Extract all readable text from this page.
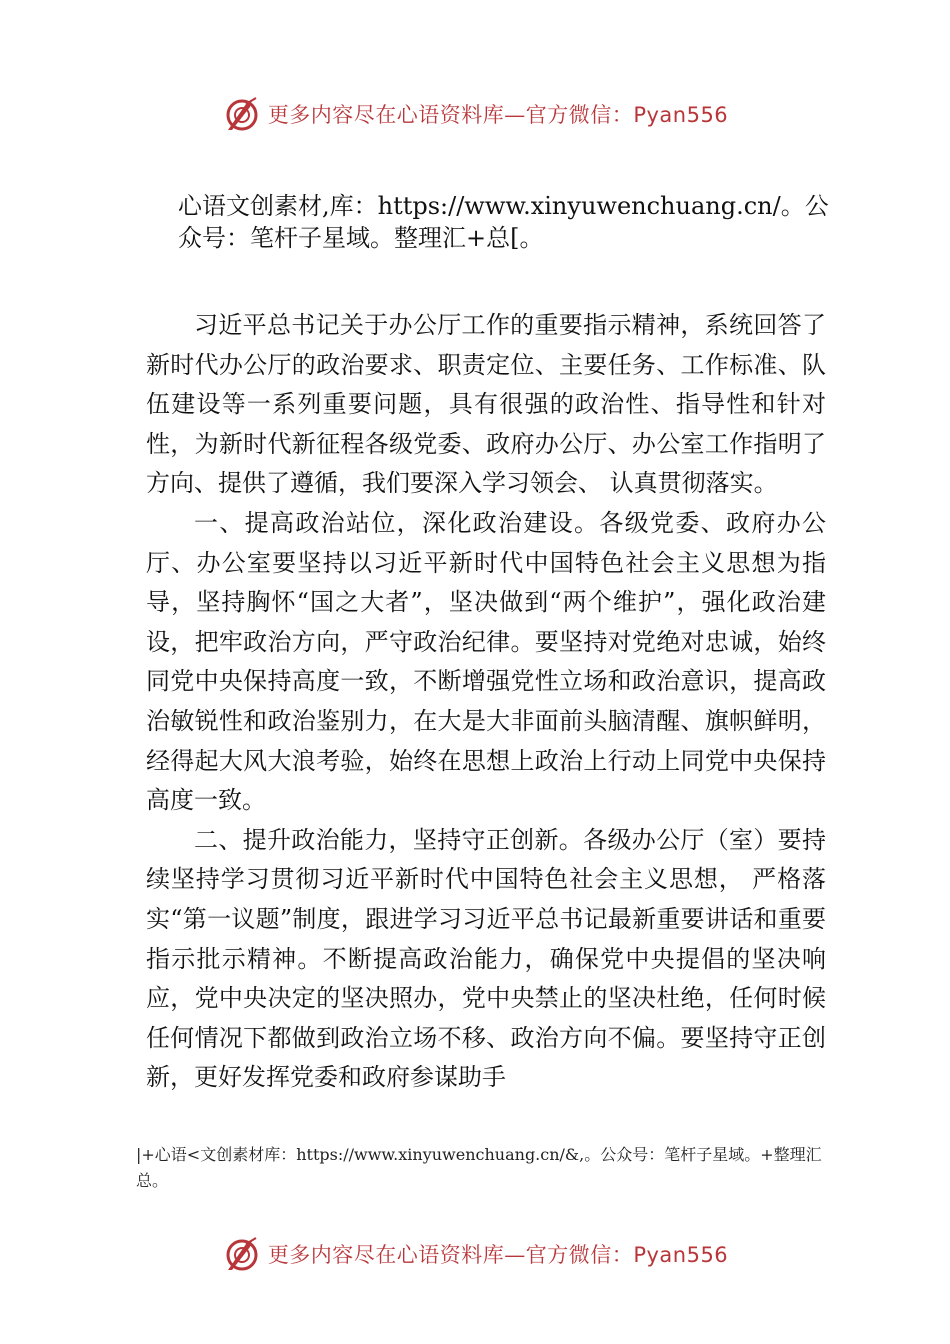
更多内容尽在心语资料库—官方微信：Pyan556
心语文创素材,库：https://www.xinyuwenchuang.cn/。公众号：笔杆子星域。整理汇+总[。

习近平总书记关于办公厅工作的重要指示精神，系统回答了新时代办公厅的政治要求、职责定位、主要任务、工作标准、队伍建设等一系列重要问题，具有很强的政治性、指导性和针对性，为新时代新征程各级党委、政府办公厅、办公室工作指明了方向、提供了遵循，我们要深入学习领会、 认真贯彻落实。

一、提高政治站位，深化政治建设。各级党委、政府办公厅、办公室要坚持以习近平新时代中国特色社会主义思想为指导，坚持胸怀“国之大者”，坚决做到“两个维护”，强化政治建设，把牢政治方向，严守政治纪律。要坚持对党绝对忠诚，始终同党中央保持高度一致，不断增强党性立场和政治意识，提高政治敏锐性和政治鉴别力，在大是大非面前头脑清醒、旗帜鲜明，经得起大风大浪考验，始终在思想上政治上行动上同党中央保持高度一致。

二、提升政治能力，坚持守正创新。各级办公厅（室）要持续坚持学习贯彻习近平新时代中国特色社会主义思想， 严格落实“第一议题”制度，跟进学习习近平总书记最新重要讲话和重要指示批示精神。不断提高政治能力，确保党中央提倡的坚决响应，党中央决定的坚决照办，党中央禁止的坚决杜绝，任何时候任何情况下都做到政治立场不移、政治方向不偏。要坚持守正创新，更好发挥党委和政府参谋助手

|+心语<文创素材库：https://www.xinyuwenchuang.cn/&,。公众号：笔杆子星域。+整理汇总。
更多内容尽在心语资料库—官方微信：Pyan556
